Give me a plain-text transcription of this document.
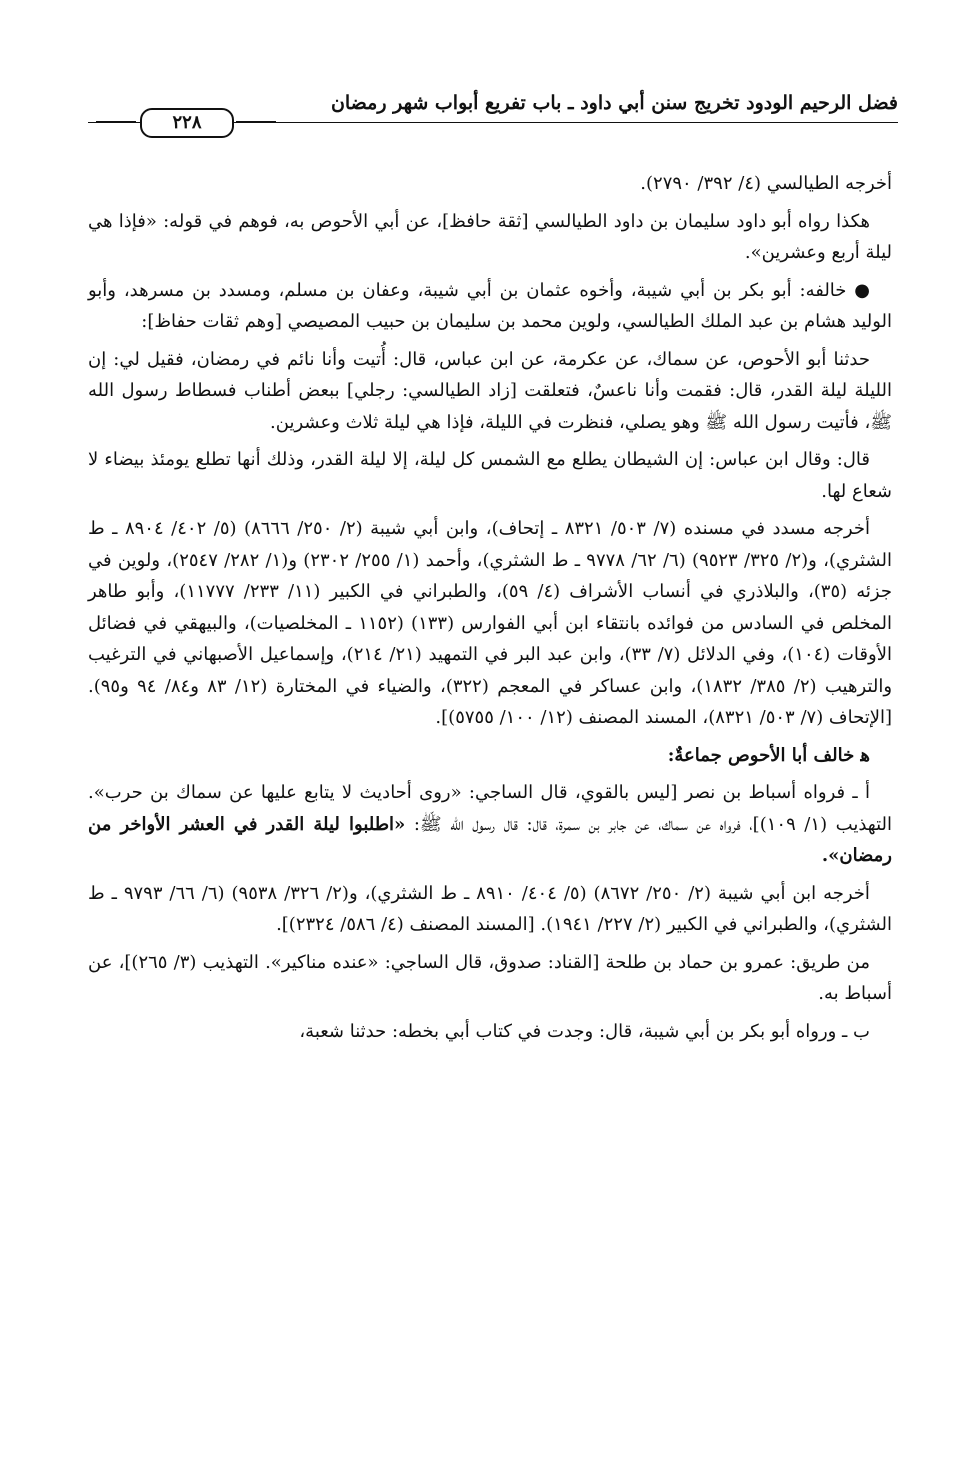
فضل الرحيم الودود تخريج سنن أبي داود ـ باب تفريع أبواب شهر رمضان
٢٢٨

أخرجه الطيالسي (٤/ ٣٩٢/ ٢٧٩٠).

هكذا رواه أبو داود سليمان بن داود الطيالسي [ثقة حافظ]، عن أبي الأحوص به، فوهم في قوله: «فإذا هي ليلة أربع وعشرين».

● خالفه: أبو بكر بن أبي شيبة، وأخوه عثمان بن أبي شيبة، وعفان بن مسلم، ومسدد بن مسرهد، وأبو الوليد هشام بن عبد الملك الطيالسي، ولوين محمد بن سليمان بن حبيب المصيصي [وهم ثقات حفاظ]:

حدثنا أبو الأحوص، عن سماك، عن عكرمة، عن ابن عباس، قال: أُتيت وأنا نائم في رمضان، فقيل لي: إن الليلة ليلة القدر، قال: فقمت وأنا ناعسٌ، فتعلقت [زاد الطيالسي: رجلي] ببعض أطناب فسطاط رسول الله ﷺ، فأتيت رسول الله ﷺ وهو يصلي، فنظرت في الليلة، فإذا هي ليلة ثلاث وعشرين.

قال: وقال ابن عباس: إن الشيطان يطلع مع الشمس كل ليلة، إلا ليلة القدر، وذلك أنها تطلع يومئذ بيضاء لا شعاع لها.

أخرجه مسدد في مسنده (٧/ ٥٠٣/ ٨٣٢١ ـ إتحاف)، وابن أبي شيبة (٢/ ٢٥٠/ ٨٦٦٦) (٥/ ٤٠٢/ ٨٩٠٤ ـ ط الشثري)، و(٢/ ٣٢٥/ ٩٥٢٣) (٦/ ٦٢/ ٩٧٧٨ ـ ط الشثري)، وأحمد (١/ ٢٥٥/ ٢٣٠٢) و(١/ ٢٨٢/ ٢٥٤٧)، ولوين في جزئه (٣٥)، والبلاذري في أنساب الأشراف (٤/ ٥٩)، والطبراني في الكبير (١١/ ٢٣٣/ ١١٧٧٧)، وأبو طاهر المخلص في السادس من فوائده بانتقاء ابن أبي الفوارس (١٣٣) (١١٥٢ ـ المخلصيات)، والبيهقي في فضائل الأوقات (١٠٤)، وفي الدلائل (٧/ ٣٣)، وابن عبد البر في التمهيد (٢١/ ٢١٤)، وإسماعيل الأصبهاني في الترغيب والترهيب (٢/ ٣٨٥/ ١٨٣٢)، وابن عساكر في المعجم (٣٢٢)، والضياء في المختارة (١٢/ ٨٣ و٨٤/ ٩٤ و٩٥). [الإتحاف (٧/ ٥٠٣/ ٨٣٢١)، المسند المصنف (١٢/ ١٠٠/ ٥٧٥٥)].

ﻫ خالف أبا الأحوص جماعةٌ:

أ ـ فرواه أسباط بن نصر [ليس بالقوي، قال الساجي: «روى أحاديث لا يتابع عليها عن سماك بن حرب». التهذيب (١/ ١٠٩)]، فرواه عن سماك، عن جابر بن سمرة، قال: قال رسول الله ﷺ: «اطلبوا ليلة القدر في العشر الأواخر من رمضان».

أخرجه ابن أبي شيبة (٢/ ٢٥٠/ ٨٦٧٢) (٥/ ٤٠٤/ ٨٩١٠ ـ ط الشثري)، و(٢/ ٣٢٦/ ٩٥٣٨) (٦/ ٦٦/ ٩٧٩٣ ـ ط الشثري)، والطبراني في الكبير (٢/ ٢٢٧/ ١٩٤١). [المسند المصنف (٤/ ٥٨٦/ ٢٣٢٤)].

من طريق: عمرو بن حماد بن طلحة [القناد: صدوق، قال الساجي: «عنده مناكير». التهذيب (٣/ ٢٦٥)]، عن أسباط به.

ب ـ ورواه أبو بكر بن أبي شيبة، قال: وجدت في كتاب أبي بخطه: حدثنا شعبة،
